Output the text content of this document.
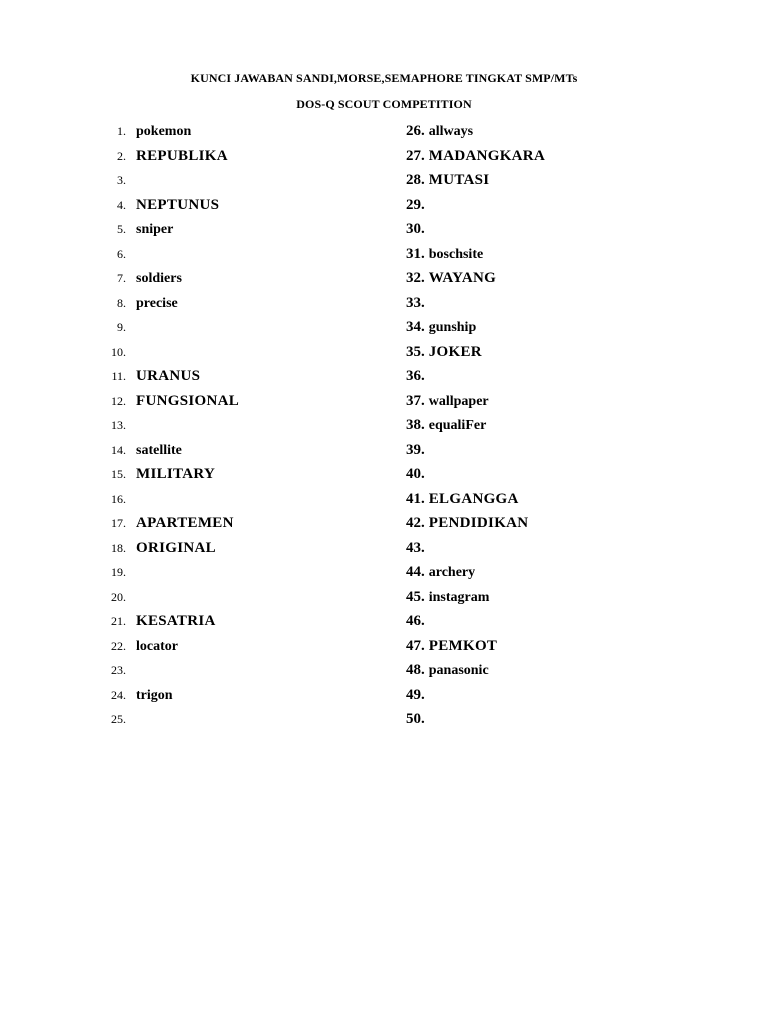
KUNCI JAWABAN SANDI,MORSE,SEMAPHORE TINGKAT SMP/MTs
DOS-Q SCOUT COMPETITION
1. pokemon
2. REPUBLIKA
3.
4. NEPTUNUS
5. sniper
6.
7. soldiers
8. precise
9.
10.
11. URANUS
12. FUNGSIONAL
13.
14. satellite
15. MILITARY
16.
17. APARTEMEN
18. ORIGINAL
19.
20.
21. KESATRIA
22. locator
23.
24. trigon
25.
26. allways
27. MADANGKARA
28. MUTASI
29.
30.
31. boschsite
32. WAYANG
33.
34. gunship
35. JOKER
36.
37. wallpaper
38. equaliFer
39.
40.
41. ELGANGGA
42. PENDIDIKAN
43.
44. archery
45. instagram
46.
47. PEMKOT
48. panasonic
49.
50.
